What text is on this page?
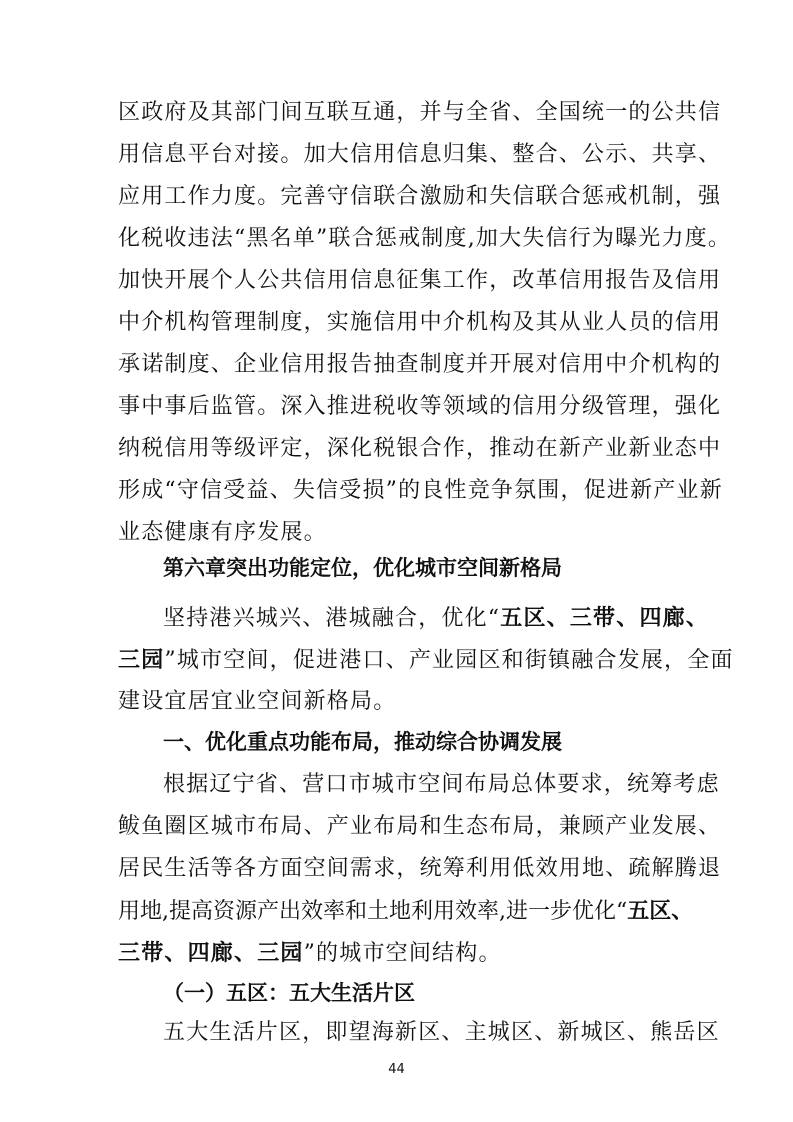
区政府及其部门间互联互通，并与全省、全国统一的公共信
用信息平台对接。加大信用信息归集、整合、公示、共享、
应用工作力度。完善守信联合激励和失信联合惩戒机制，强
化税收违法“黑名单”联合惩戒制度,加大失信行为曝光力度。
加快开展个人公共信用信息征集工作，改革信用报告及信用
中介机构管理制度，实施信用中介机构及其从业人员的信用
承诺制度、企业信用报告抽查制度并开展对信用中介机构的
事中事后监管。深入推进税收等领域的信用分级管理，强化
纳税信用等级评定，深化税银合作，推动在新产业新业态中
形成“守信受益、失信受损”的良性竞争氛围，促进新产业新
业态健康有序发展。
第六章突出功能定位，优化城市空间新格局
坚持港兴城兴、港城融合，优化“五区、三带、四廊、
三园”城市空间，促进港口、产业园区和街镇融合发展，全面
建设宜居宜业空间新格局。
一、优化重点功能布局，推动综合协调发展
根据辽宁省、营口市城市空间布局总体要求，统筹考虑
鲅鱼圈区城市布局、产业布局和生态布局，兼顾产业发展、
居民生活等各方面空间需求，统筹利用低效用地、疏解腾退
用地,提高资源产出效率和土地利用效率,进一步优化“五区、
三带、四廊、三园”的城市空间结构。
（一）五区：五大生活片区
五大生活片区，即望海新区、主城区、新城区、熊岳区
44
